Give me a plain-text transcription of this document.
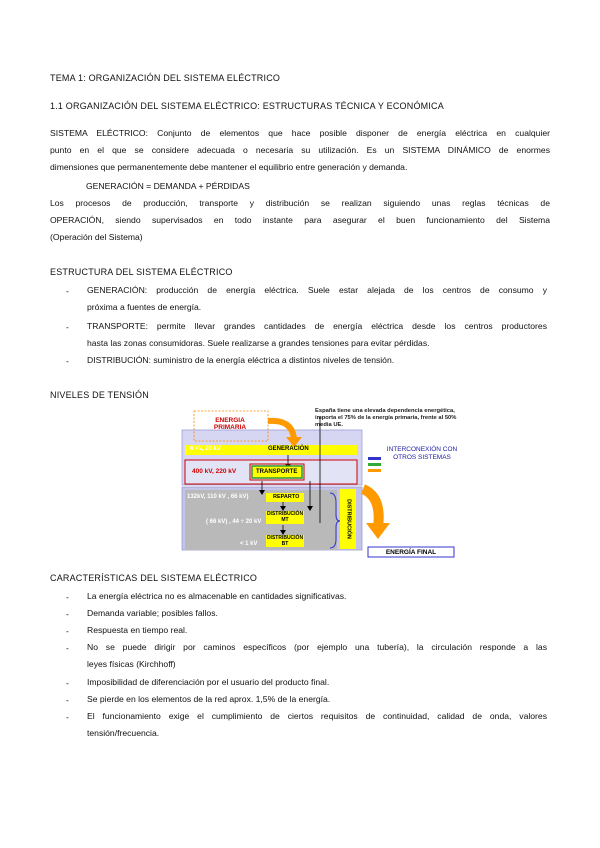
TEMA 1: ORGANIZACIÓN DEL SISTEMA ELÉCTRICO
1.1 ORGANIZACIÓN DEL SISTEMA ELÉCTRICO: ESTRUCTURAS TÉCNICA Y ECONÓMICA
SISTEMA ELÉCTRICO: Conjunto de elementos que hace posible disponer de energía eléctrica en cualquier
punto en el que se considere adecuada o necesaria su utilización. Es un SISTEMA DINÁMICO de enormes
dimensiones que permanentemente debe mantener el equilibrio entre generación y demanda.
GENERACIÓN = DEMANDA + PÉRDIDAS
Los procesos de producción, transporte y distribución se realizan siguiendo unas reglas técnicas de
OPERACIÓN, siendo supervisados en todo instante para asegurar el buen funcionamiento del Sistema
(Operación del Sistema)
ESTRUCTURA DEL SISTEMA ELÉCTRICO
- GENERACIÓN: producción de energía eléctrica. Suele estar alejada de los centros de consumo y
próxima a fuentes de energía.
- TRANSPORTE: permite llevar grandes cantidades de energía eléctrica desde los centros productores
hasta las zonas consumidoras. Suele realizarse a grandes tensiones para evitar pérdidas.
- DISTRIBUCIÓN: suministro de la energía eléctrica a distintos niveles de tensión.
NIVELES DE TENSIÓN
ENERGIA PRIMARIA
España tiene una elevada dependencia energética, importa el 75% de la energía primaria, frente al 50% media UE.
6 kV, 20 kV	GENERACIÓN
400 kV, 220 kV	TRANSPORTE
INTERCONEXIÓN CON OTROS SISTEMAS
132kV, 110 kV , 66 kV)	REPARTO
( 66 kV) , 44 ÷ 20 kV
DISTRIBUCIÓN MT
DISTRIBUCIÓN BT
< 1 kV
DISTRIBUCIÓN
ENERGÍA FINAL
CARACTERÍSTICAS DEL SISTEMA ELÉCTRICO
- La energía eléctrica no es almacenable en cantidades significativas.
- Demanda variable; posibles fallos.
- Respuesta en tiempo real.
- No se puede dirigir por caminos específicos (por ejemplo una tubería), la circulación responde a las
leyes físicas (Kirchhoff)
- Imposibilidad de diferenciación por el usuario del producto final.
- Se pierde en los elementos de la red aprox. 1,5% de la energía.
- El funcionamiento exige el cumplimiento de ciertos requisitos de continuidad, calidad de onda, valores
tensión/frecuencia.
